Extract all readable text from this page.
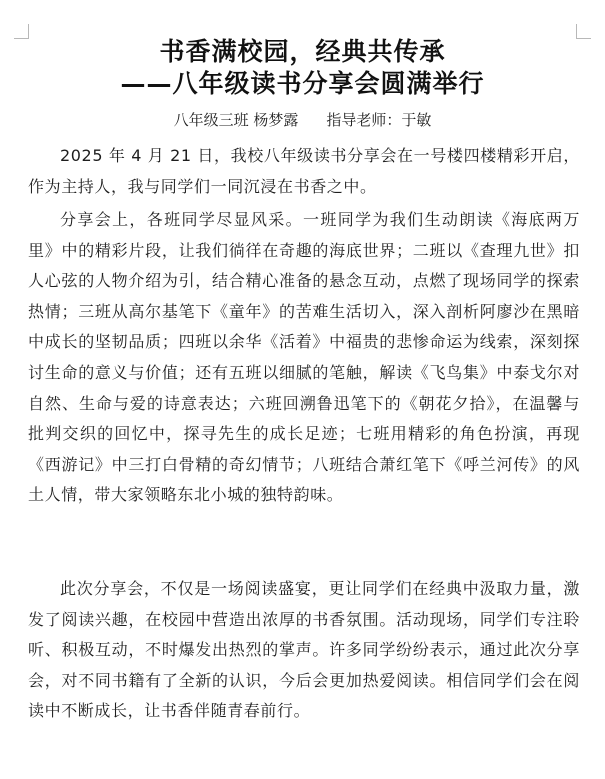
书香满校园，经典共传承
——八年级读书分享会圆满举行
八年级三班 杨梦露 指导老师：于敏

2025 年 4 月 21 日，我校八年级读书分享会在一号楼四楼精彩开启，作为主持人，我与同学们一同沉浸在书香之中。

分享会上，各班同学尽显风采。一班同学为我们生动朗读《海底两万里》中的精彩片段，让我们徜徉在奇趣的海底世界；二班以《查理九世》扣人心弦的人物介绍为引，结合精心准备的悬念互动，点燃了现场同学的探索热情；三班从高尔基笔下《童年》的苦难生活切入，深入剖析阿廖沙在黑暗中成长的坚韧品质；四班以余华《活着》中福贵的悲惨命运为线索，深刻探讨生命的意义与价值；还有五班以细腻的笔触，解读《飞鸟集》中泰戈尔对自然、生命与爱的诗意表达；六班回溯鲁迅笔下的《朝花夕拾》，在温馨与批判交织的回忆中，探寻先生的成长足迹；七班用精彩的角色扮演，再现《西游记》中三打白骨精的奇幻情节；八班结合萧红笔下《呼兰河传》的风土人情，带大家领略东北小城的独特韵味。

此次分享会，不仅是一场阅读盛宴，更让同学们在经典中汲取力量，激发了阅读兴趣，在校园中营造出浓厚的书香氛围。活动现场，同学们专注聆听、积极互动，不时爆发出热烈的掌声。许多同学纷纷表示，通过此次分享会，对不同书籍有了全新的认识，今后会更加热爱阅读。相信同学们会在阅读中不断成长，让书香伴随青春前行。
